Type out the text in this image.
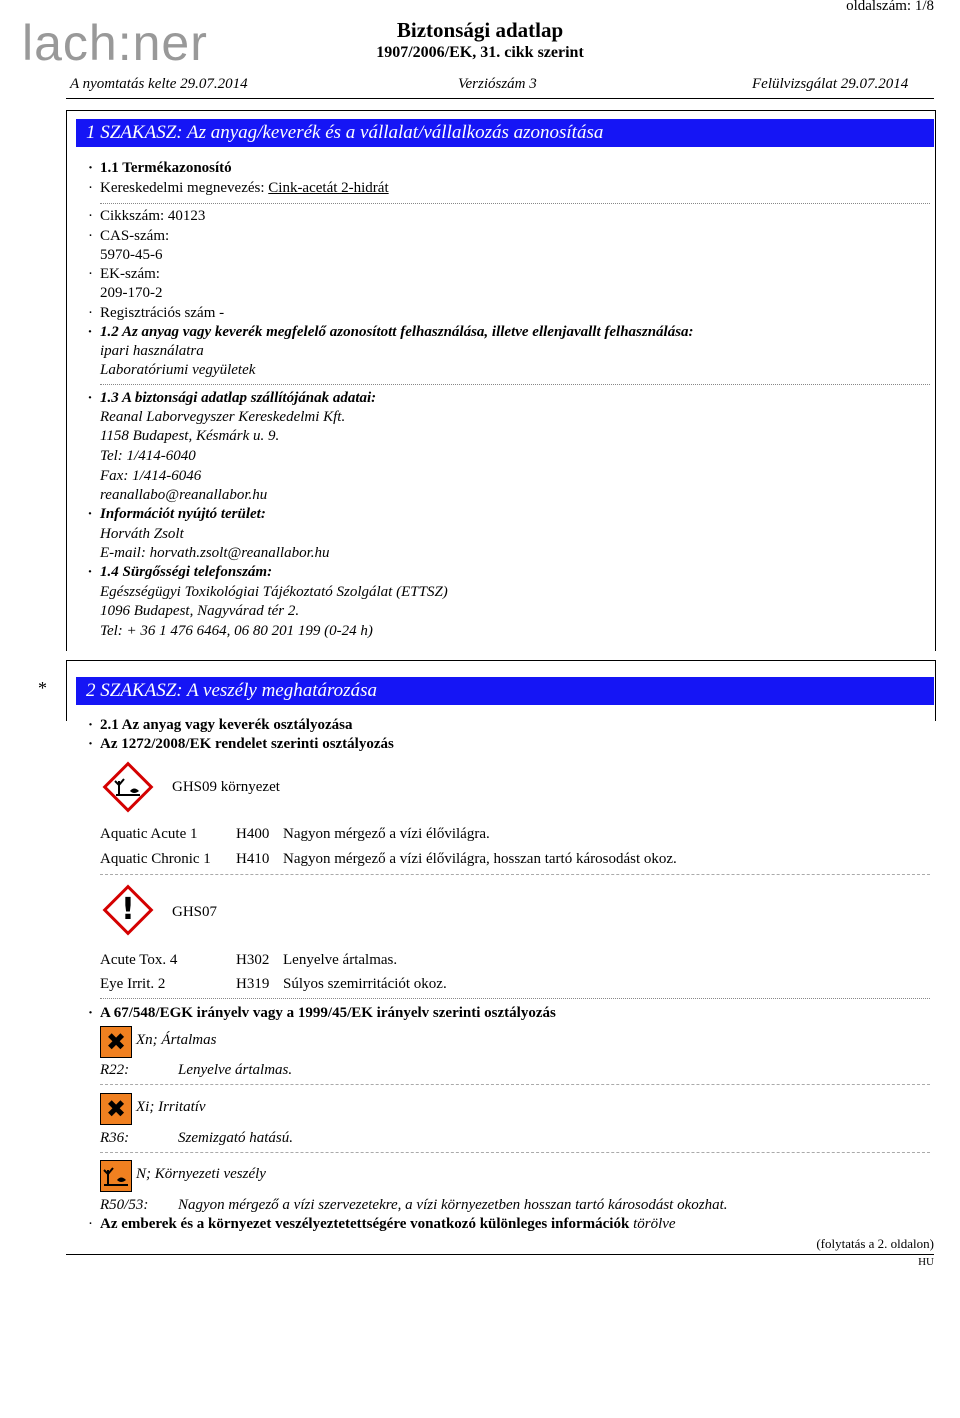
lach:ner	Biztonsági adatlap
1907/2006/EK, 31. cikk szerint
oldalszám: 1/8
A nyomtatás kelte 29.07.2014	Verziószám 3	Felülvizsgálat 29.07.2014
1 SZAKASZ: Az anyag/keverék és a vállalat/vállalkozás azonosítása
· 1.1 Termékazonosító
· Kereskedelmi megnevezés: Cink-acetát 2-hidrát
· Cikkszám: 40123
· CAS-szám:
5970-45-6
· EK-szám:
209-170-2
· Regisztrációs szám -
· 1.2 Az anyag vagy keverék megfelelő azonosított felhasználása, illetve ellenjavallt felhasználása:
ipari használatra
Laboratóriumi vegyületek
· 1.3 A biztonsági adatlap szállítójának adatai:
Reanal Laborvegyszer Kereskedelmi Kft.
1158 Budapest, Késmárk u. 9.
Tel: 1/414-6040
Fax: 1/414-6046
reanallabo@reanallabor.hu
· Információt nyújtó terület:
Horváth Zsolt
E-mail: horvath.zsolt@reanallabor.hu
· 1.4 Sürgősségi telefonszám:
Egészségügyi Toxikológiai Tájékoztató Szolgálat (ETTSZ)
1096 Budapest, Nagyvárad tér 2.
Tel: + 36 1 476 6464, 06 80 201 199 (0-24 h)
*	2 SZAKASZ: A veszély meghatározása
· 2.1 Az anyag vagy keverék osztályozása
· Az 1272/2008/EK rendelet szerinti osztályozás
GHS09 környezet
Aquatic Acute 1	H400 Nagyon mérgező a vízi élővilágra.
Aquatic Chronic 1 H410 Nagyon mérgező a vízi élővilágra, hosszan tartó károsodást okoz.
!	GHS07
Acute Tox. 4	H302 Lenyelve ártalmas.
Eye Irrit. 2	H319 Súlyos szemirritációt okoz.
· A 67/548/EGK irányelv vagy a 1999/45/EK irányelv szerinti osztályozás
✖ Xn; Ártalmas
R22:	Lenyelve ártalmas.
✖ Xi; Irritatív
R36:	Szemizgató hatású.
N; Környezeti veszély
R50/53: Nagyon mérgező a vízi szervezetekre, a vízi környezetben hosszan tartó károsodást okozhat.
· Az emberek és a környezet veszélyeztetettségére vonatkozó különleges információk törölve
(folytatás a 2. oldalon)
HU
